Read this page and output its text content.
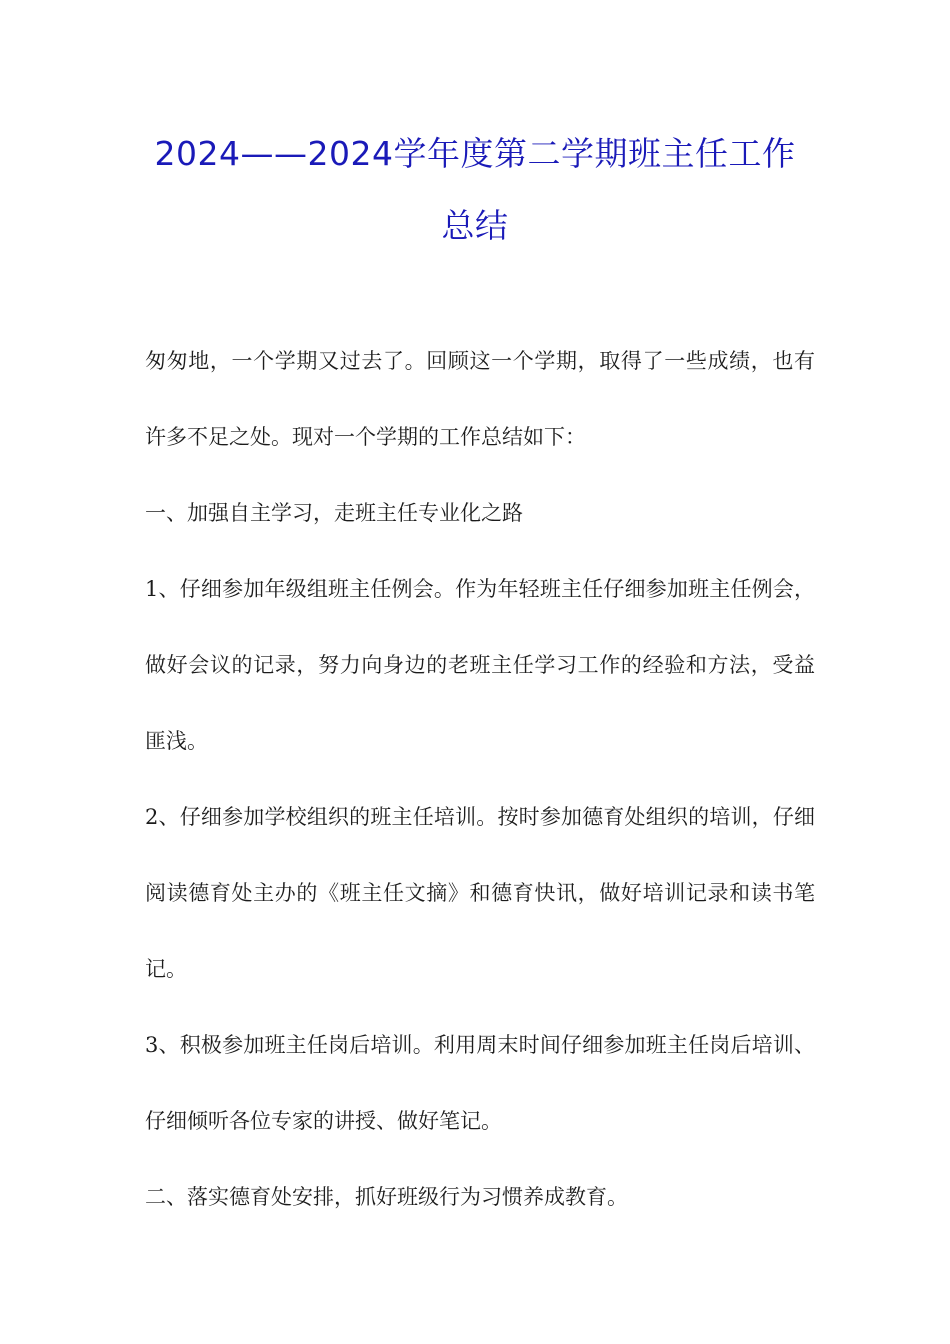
2024——2024学年度第二学期班主任工作
总结

匆匆地，一个学期又过去了。回顾这一个学期，取得了一些成绩，也有许多不足之处。现对一个学期的工作总结如下：

一、加强自主学习，走班主任专业化之路

1、仔细参加年级组班主任例会。作为年轻班主任仔细参加班主任例会，做好会议的记录，努力向身边的老班主任学习工作的经验和方法，受益匪浅。

2、仔细参加学校组织的班主任培训。按时参加德育处组织的培训，仔细阅读德育处主办的《班主任文摘》和德育快讯，做好培训记录和读书笔记。

3、积极参加班主任岗后培训。利用周末时间仔细参加班主任岗后培训、仔细倾听各位专家的讲授、做好笔记。

二、落实德育处安排，抓好班级行为习惯养成教育。
